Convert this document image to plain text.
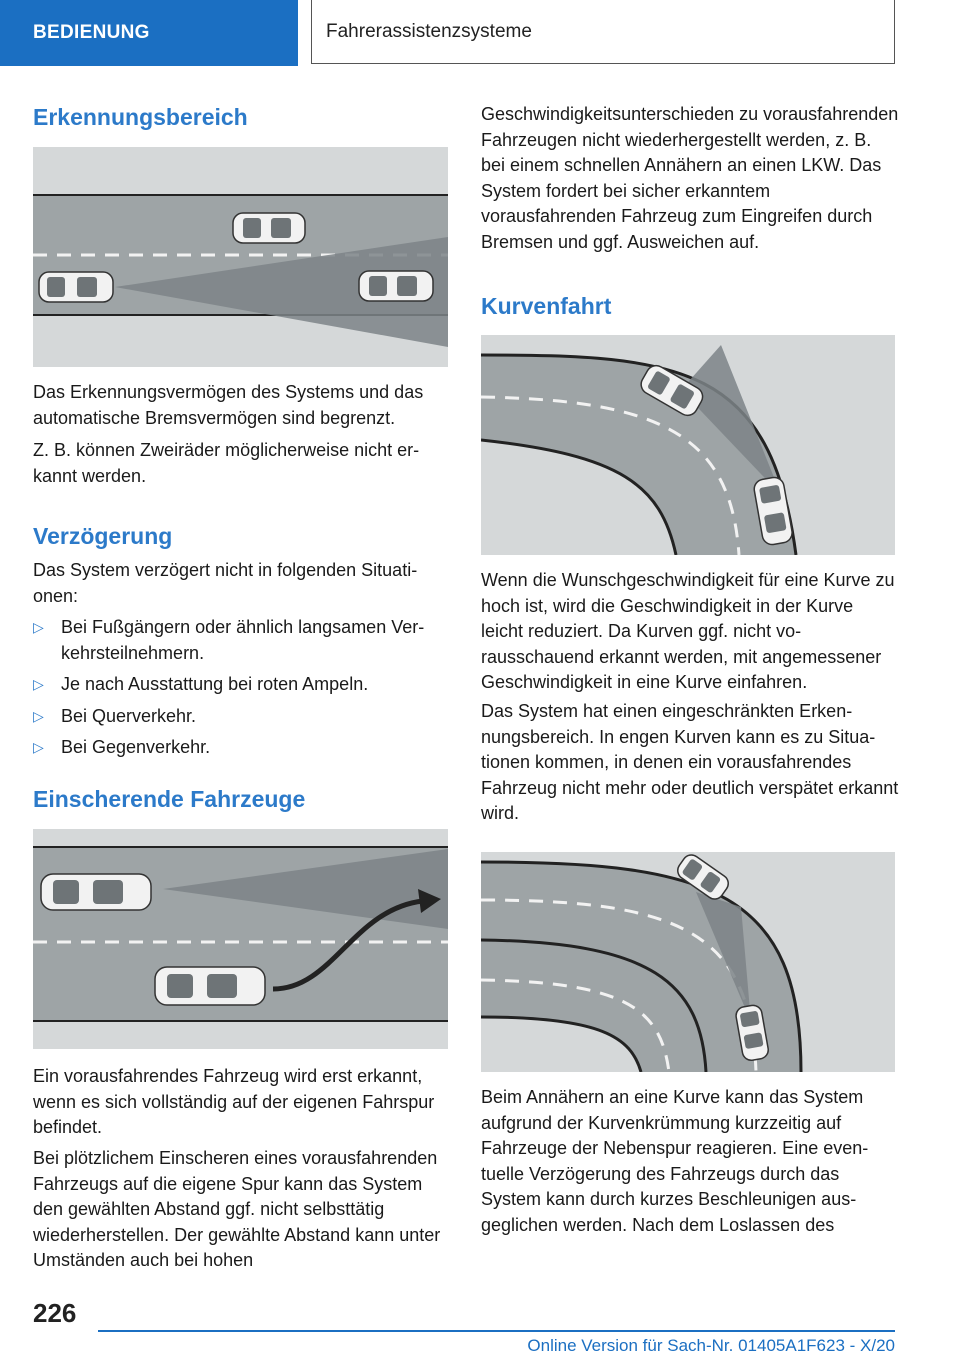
BEDIENUNG	Fahrerassistenzsysteme
Erkennungsbereich

Das Erkennungsvermögen des Systems und das automatische Bremsvermögen sind begrenzt.

Z. B. können Zweiräder möglicherweise nicht erkannt werden.

Verzögerung

Das System verzögert nicht in folgenden Situationen:

▷ Bei Fußgängern oder ähnlich langsamen Verkehrsteilnehmern.
▷ Je nach Ausstattung bei roten Ampeln.
▷ Bei Querverkehr.
▷ Bei Gegenverkehr.
Einscherende Fahrzeuge

Ein vorausfahrendes Fahrzeug wird erst erkannt, wenn es sich vollständig auf der eigenen Fahrspur befindet.

Bei plötzlichem Einscheren eines vorausfahrenden Fahrzeugs auf die eigene Spur kann das System den gewählten Abstand ggf. nicht selbsttätig wiederherstellen. Der gewählte Abstand kann unter Umständen auch bei hohen

Geschwindigkeitsunterschieden zu vorausfahrenden Fahrzeugen nicht wiederhergestellt werden, z. B. bei einem schnellen Annähern an einen LKW. Das System fordert bei sicher erkanntem vorausfahrenden Fahrzeug zum Eingreifen durch Bremsen und ggf. Ausweichen auf.

Kurvenfahrt

Wenn die Wunschgeschwindigkeit für eine Kurve zu hoch ist, wird die Geschwindigkeit in der Kurve leicht reduziert. Da Kurven ggf. nicht vorausschauend erkannt werden, mit angemessener Geschwindigkeit in eine Kurve einfahren.

Das System hat einen eingeschränkten Erkennungsbereich. In engen Kurven kann es zu Situationen kommen, in denen ein vorausfahrendes Fahrzeug nicht mehr oder deutlich verspätet erkannt wird.

Beim Annähern an eine Kurve kann das System aufgrund der Kurvenkrümmung kurzzeitig auf Fahrzeuge der Nebenspur reagieren. Eine eventuelle Verzögerung des Fahrzeugs durch das System kann durch kurzes Beschleunigen ausgeglichen werden. Nach dem Loslassen des

226
Online Version für Sach-Nr. 01405A1F623 - X/20
